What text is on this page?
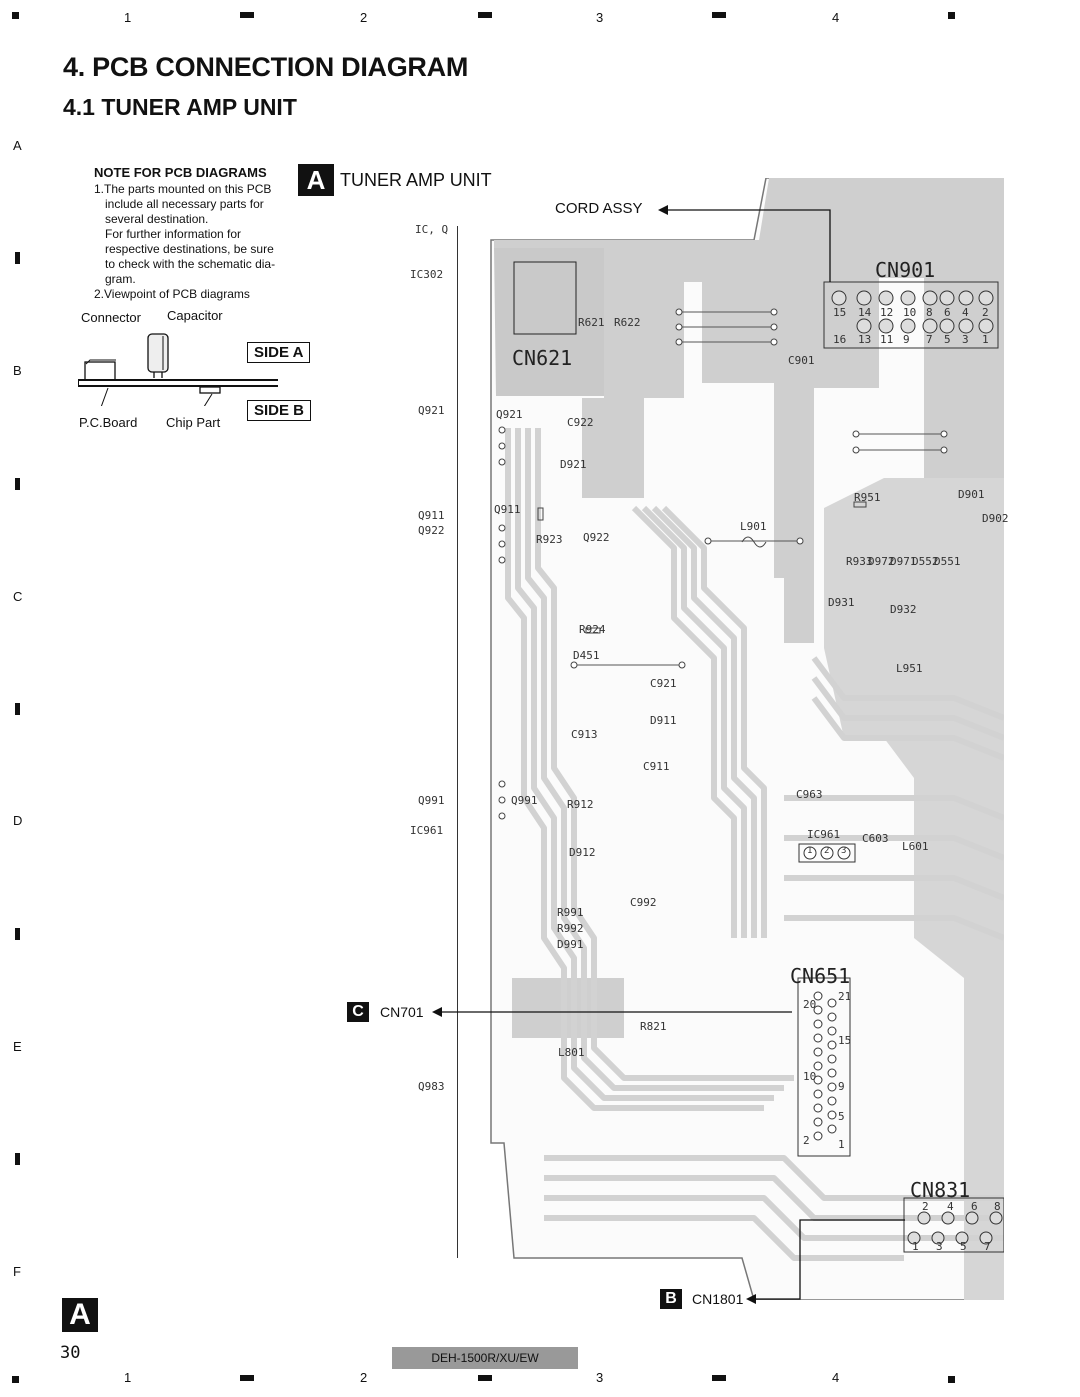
1	2	3	4
1	2	3	4
A
B
C
D
E
F
4. PCB CONNECTION DIAGRAM
4.1 TUNER AMP UNIT
NOTE FOR PCB DIAGRAMS
1.The parts mounted on this PCB
include all necessary parts for
several destination.
For further information for
respective destinations, be sure
to check with the schematic dia-
gram.
2.Viewpoint of PCB diagrams
Connector Capacitor
SIDE A
SIDE B
P.C.Board Chip Part
A TUNER AMP UNIT
IC, Q
IC302
Q921
Q911
Q922
Q991
IC961
Q983
CN901
CN621
CN651
CN831
15 14 12 10 8 6 4 2
16 13 11 9 7 5 3 1
21
20
15
10
9
5
2	1
2 4 6 8
1 3 5 7
1 2 3
R621 R622
C901
Q921
C922
D921
Q911
R923 Q922
L901
R951	D901
D902
R933
D972
D971
D552
D551
D931
D932
R924
D451
C921
L951
D911
C913
C911
Q991	R912
C963
IC961 C603
L601
D912
C992
R991
R992
D991
R821
L801
CORD ASSY
C	CN701
B	CN1801
A
30	DEH-1500R/XU/EW
